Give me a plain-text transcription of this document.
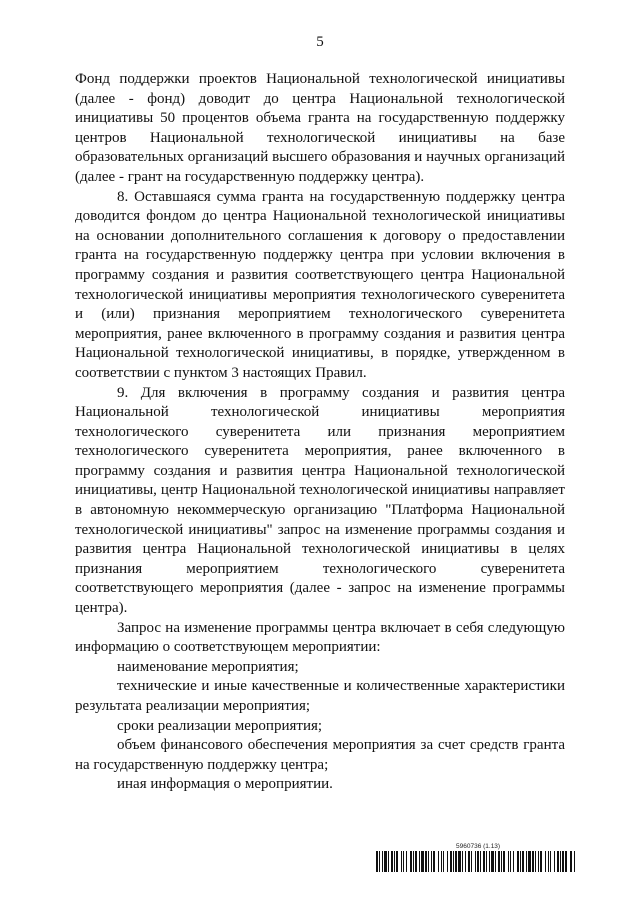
5

Фонд поддержки проектов Национальной технологической инициативы (далее - фонд) доводит до центра Национальной технологической инициативы 50 процентов объема гранта на государственную поддержку центров Национальной технологической инициативы на базе образовательных организаций высшего образования и научных организаций (далее - грант на государственную поддержку центра).

8. Оставшаяся сумма гранта на государственную поддержку центра доводится фондом до центра Национальной технологической инициативы на основании дополнительного соглашения к договору о предоставлении гранта на государственную поддержку центра при условии включения в программу создания и развития соответствующего центра Национальной технологической инициативы мероприятия технологического суверенитета и (или) признания мероприятием технологического суверенитета мероприятия, ранее включенного в программу создания и развития центра Национальной технологической инициативы, в порядке, утвержденном в соответствии с пунктом 3 настоящих Правил.

9. Для включения в программу создания и развития центра Национальной технологической инициативы мероприятия технологического суверенитета или признания мероприятием технологического суверенитета мероприятия, ранее включенного в программу создания и развития центра Национальной технологической инициативы, центр Национальной технологической инициативы направляет в автономную некоммерческую организацию "Платформа Национальной технологической инициативы" запрос на изменение программы создания и развития центра Национальной технологической инициативы в целях признания мероприятием технологического суверенитета соответствующего мероприятия (далее - запрос на изменение программы центра).

Запрос на изменение программы центра включает в себя следующую информацию о соответствующем мероприятии:

наименование мероприятия;

технические и иные качественные и количественные характеристики результата реализации мероприятия;

сроки реализации мероприятия;

объем финансового обеспечения мероприятия за счет средств гранта на государственную поддержку центра;

иная информация о мероприятии.

5960736 (1.13)
